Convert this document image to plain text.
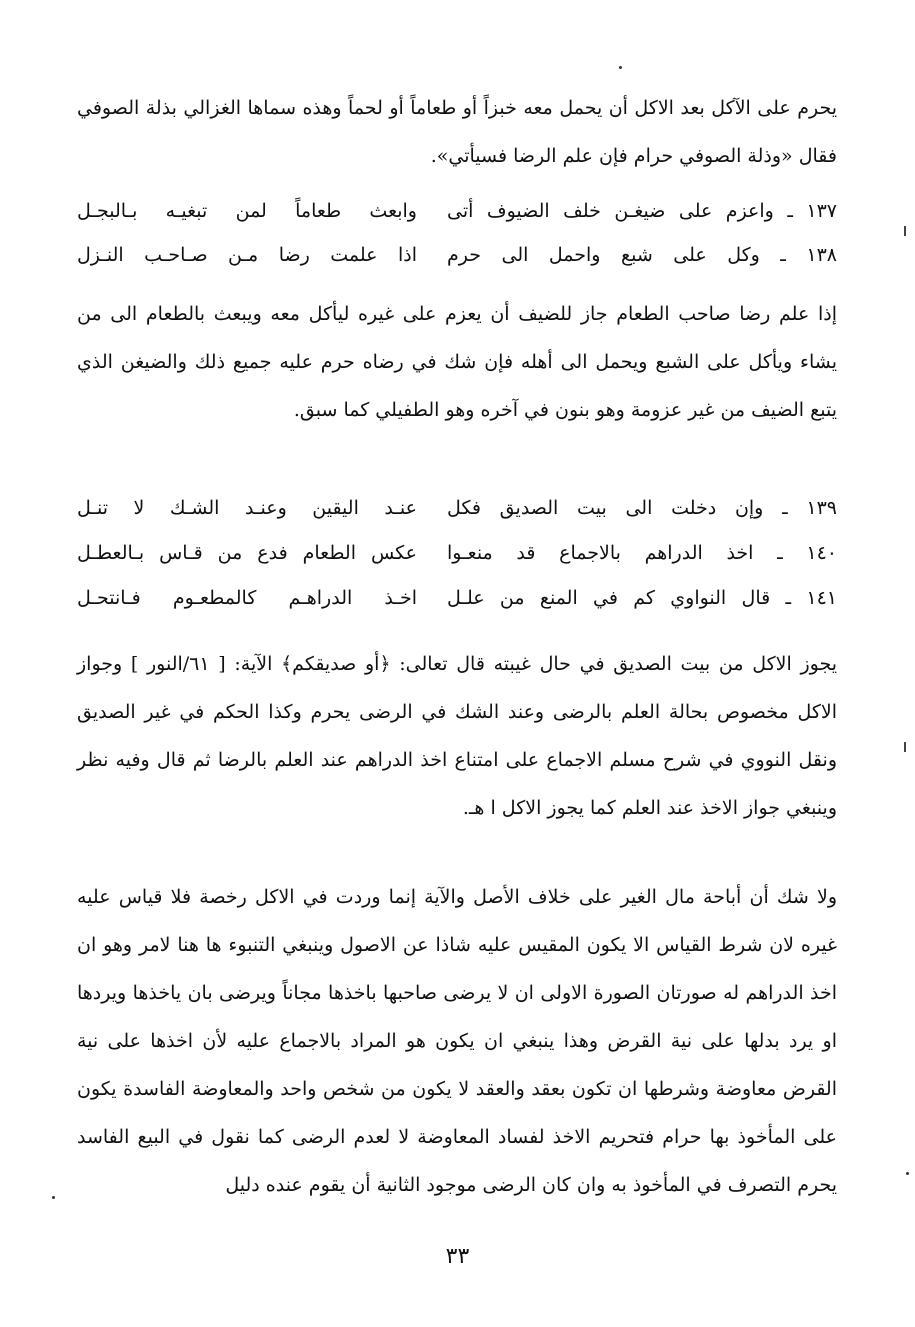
يحرم على الآكل بعد الاكل أن يحمل معه خبزاً أو طعاماً أو لحماً وهذه سماها الغزالي بذلة الصوفي فقال «وذلة الصوفي حرام فإن علم الرضا فسيأتي».

١٣٧ ـ واعزم على ضيغـن خلف الضيوف أتى
وابعث طعاماً لمن تبغيـه بـالبجـل
١٣٨ ـ وكل على شبع واحمل الى حرم
اذا علمت رضا مـن صـاحـب النـزل

إذا علم رضا صاحب الطعام جاز للضيف أن يعزم على غيره ليأكل معه ويبعث بالطعام الى من يشاء ويأكل على الشبع ويحمل الى أهله فإن شك في رضاه حرم عليه جميع ذلك والضيغن الذي يتبع الضيف من غير عزومة وهو بنون في آخره وهو الطفيلي كما سبق.

١٣٩ ـ وإن دخلت الى بيت الصديق فكل
عنـد اليقين وعنـد الشـك لا تنـل
١٤٠ ـ اخذ الدراهم بالاجماع قد منعـوا
عكس الطعام فدع من قـاس بـالعطـل
١٤١ ـ قال النواوي كم في المنع من علـل
اخـذ الدراهـم كالمطعـوم فـانتحـل

يجوز الاكل من بيت الصديق في حال غيبته قال تعالى: ﴿أو صديقكم﴾ الآية: [ ٦١/النور ] وجواز الاكل مخصوص بحالة العلم بالرضى وعند الشك في الرضى يحرم وكذا الحكم في غير الصديق ونقل النووي في شرح مسلم الاجماع على امتناع اخذ الدراهم عند العلم بالرضا ثم قال وفيه نظر وينبغي جواز الاخذ عند العلم كما يجوز الاكل ا هـ.

ولا شك أن أباحة مال الغير على خلاف الأصل والآية إنما وردت في الاكل رخصة فلا قياس عليه غيره لان شرط القياس الا يكون المقيس عليه شاذا عن الاصول وينبغي التنبوء ها هنا لامر وهو ان اخذ الدراهم له صورتان الصورة الاولى ان لا يرضى صاحبها باخذها مجاناً ويرضى بان ياخذها ويردها او يرد بدلها على نية القرض وهذا ينبغي ان يكون هو المراد بالاجماع عليه لأن اخذها على نية القرض معاوضة وشرطها ان تكون بعقد والعقد لا يكون من شخص واحد والمعاوضة الفاسدة يكون على المأخوذ بها حرام فتحريم الاخذ لفساد المعاوضة لا لعدم الرضى كما نقول في البيع الفاسد يحرم التصرف في المأخوذ به وان كان الرضى موجود الثانية أن يقوم عنده دليل

٣٣
